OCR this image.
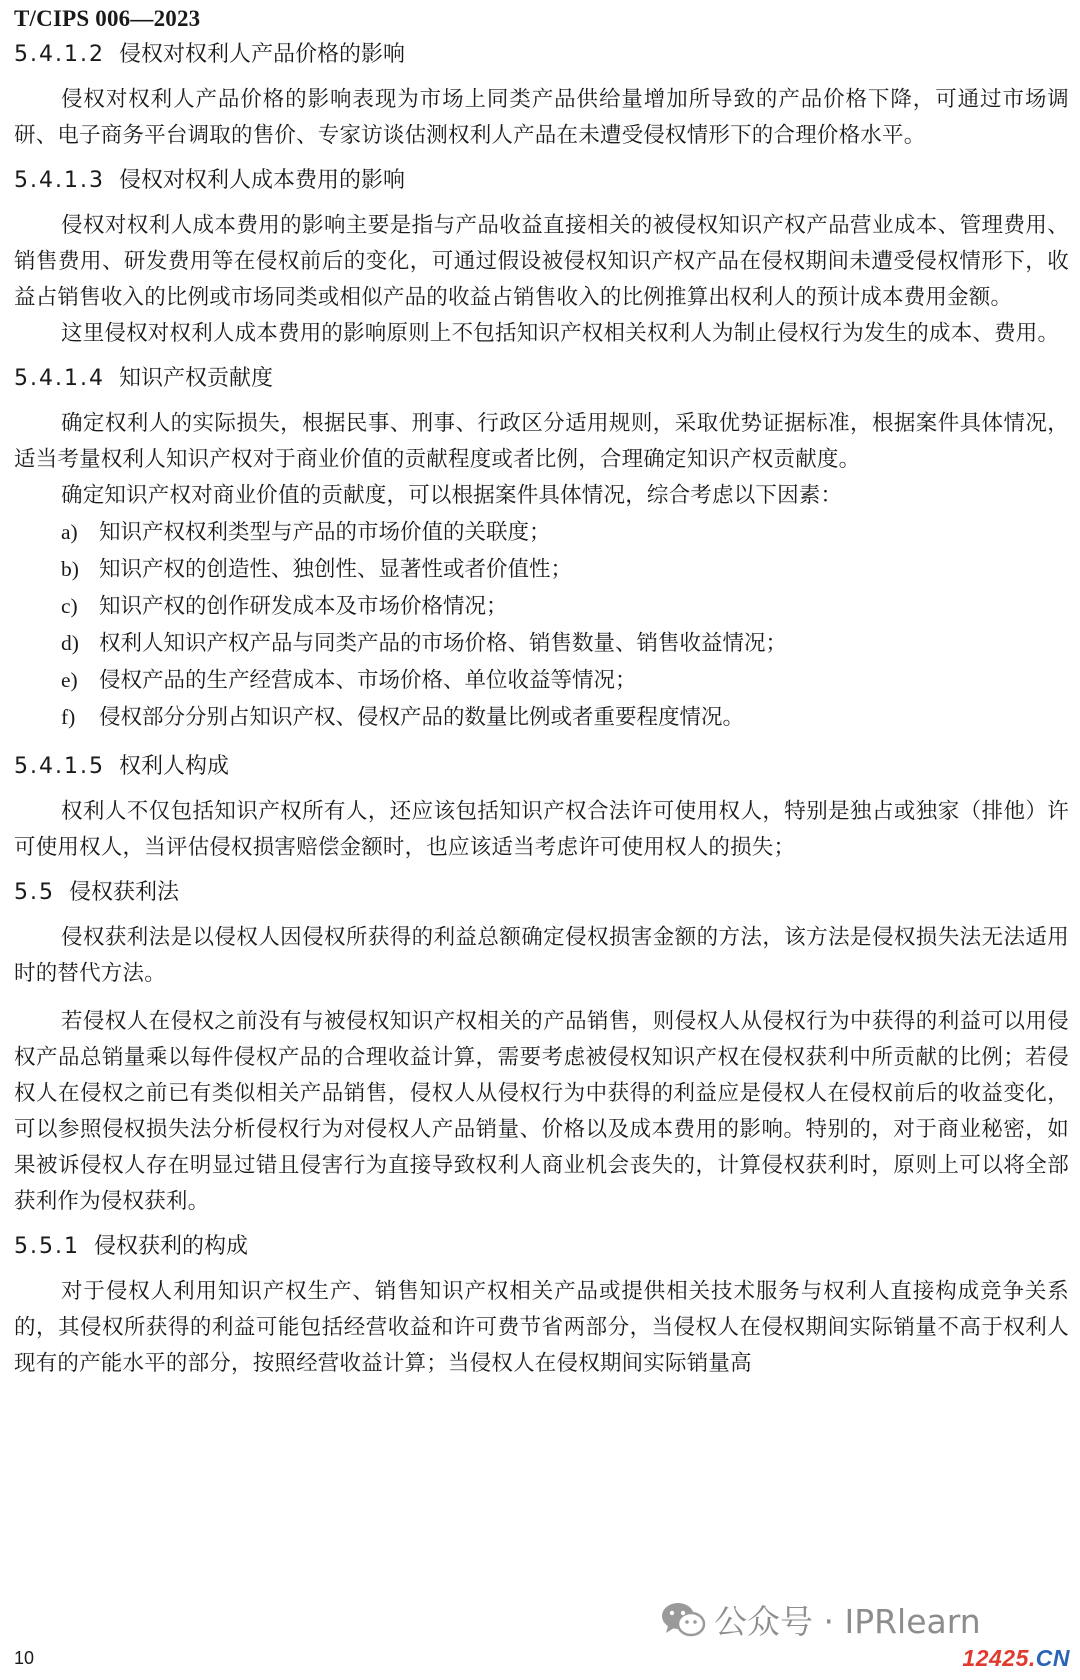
T/CIPS 006—2023
5.4.1.2 侵权对权利人产品价格的影响

侵权对权利人产品价格的影响表现为市场上同类产品供给量增加所导致的产品价格下降，可通过市场调研、电子商务平台调取的售价、专家访谈估测权利人产品在未遭受侵权情形下的合理价格水平。

5.4.1.3 侵权对权利人成本费用的影响

侵权对权利人成本费用的影响主要是指与产品收益直接相关的被侵权知识产权产品营业成本、管理费用、销售费用、研发费用等在侵权前后的变化，可通过假设被侵权知识产权产品在侵权期间未遭受侵权情形下，收益占销售收入的比例或市场同类或相似产品的收益占销售收入的比例推算出权利人的预计成本费用金额。

这里侵权对权利人成本费用的影响原则上不包括知识产权相关权利人为制止侵权行为发生的成本、费用。

5.4.1.4 知识产权贡献度

确定权利人的实际损失，根据民事、刑事、行政区分适用规则，采取优势证据标准，根据案件具体情况，适当考量权利人知识产权对于商业价值的贡献程度或者比例，合理确定知识产权贡献度。

确定知识产权对商业价值的贡献度，可以根据案件具体情况，综合考虑以下因素：

a) 知识产权权利类型与产品的市场价值的关联度；
b) 知识产权的创造性、独创性、显著性或者价值性；
c) 知识产权的创作研发成本及市场价格情况；
d) 权利人知识产权产品与同类产品的市场价格、销售数量、销售收益情况；
e) 侵权产品的生产经营成本、市场价格、单位收益等情况；
f) 侵权部分分别占知识产权、侵权产品的数量比例或者重要程度情况。
5.4.1.5 权利人构成

权利人不仅包括知识产权所有人，还应该包括知识产权合法许可使用权人，特别是独占或独家（排他）许可使用权人，当评估侵权损害赔偿金额时，也应该适当考虑许可使用权人的损失；

5.5 侵权获利法

侵权获利法是以侵权人因侵权所获得的利益总额确定侵权损害金额的方法，该方法是侵权损失法无法适用时的替代方法。

若侵权人在侵权之前没有与被侵权知识产权相关的产品销售，则侵权人从侵权行为中获得的利益可以用侵权产品总销量乘以每件侵权产品的合理收益计算，需要考虑被侵权知识产权在侵权获利中所贡献的比例；若侵权人在侵权之前已有类似相关产品销售，侵权人从侵权行为中获得的利益应是侵权人在侵权前后的收益变化，可以参照侵权损失法分析侵权行为对侵权人产品销量、价格以及成本费用的影响。特别的，对于商业秘密，如果被诉侵权人存在明显过错且侵害行为直接导致权利人商业机会丧失的，计算侵权获利时，原则上可以将全部获利作为侵权获利。

5.5.1 侵权获利的构成

对于侵权人利用知识产权生产、销售知识产权相关产品或提供相关技术服务与权利人直接构成竞争关系的，其侵权所获得的利益可能包括经营收益和许可费节省两部分，当侵权人在侵权期间实际销量不高于权利人现有的产能水平的部分，按照经营收益计算；当侵权人在侵权期间实际销量高

公众号 · IPRlearn
10	12425.CN
